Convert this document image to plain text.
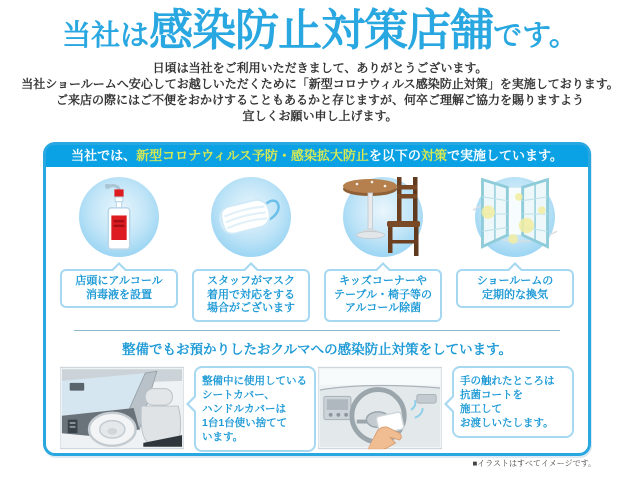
当社は感染防止対策店舗です。

日頃は当社をご利用いただきまして、ありがとうございます。

当社ショールームへ安心してお越しいただくために「新型コロナウィルス感染防止対策」を実施しております。

ご来店の際にはご不便をおかけすることもあるかと存じますが、何卒ご理解ご協力を賜りますよう

宜しくお願い申し上げます。

当社では、新型コロナウィルス予防・感染拡大防止を以下の対策で実施しています。
店頭にアルコール
消毒液を設置
スタッフがマスク
着用で対応をする
場合がございます
キッズコーナーや
テーブル・椅子等の
アルコール除菌
ショールームの
定期的な換気
整備でもお預かりしたおクルマへの感染防止対策をしています。
整備中に使用している
シートカバー、
ハンドルカバーは
1台1台使い捨てて
います。
手の触れたところは
抗菌コートを
施工して
お渡しいたします。
■イラストはすべてイメージです。
